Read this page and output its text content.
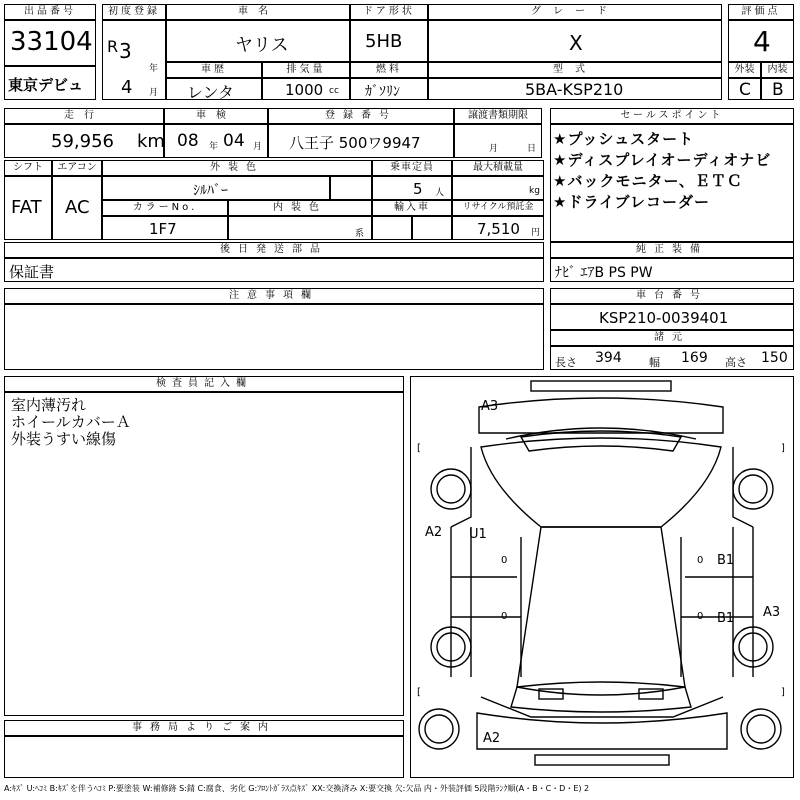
出品番号
33104
東京デビュ
初度登録
R 3
年
4 月
車名
ヤリス
車歴	排気量
レンタ	1000 cc
ドア形状
5HB
燃料
ｶﾞｿﾘﾝ
グレード
X
型式
5BA-KSP210
評価点
4
外装	内装
C B
走行
59,956 km
車検
08 年 04 月
登録番号
八王子 500ワ9947
譲渡書類期限
月	日
シフト
FAT
エアコン
AC
外装色
ｼﾙﾊﾞｰ
乗車定員
5 人
最大積載量
kg
カラーNo.
1F7
内装色
系
輸入車	リサイクル預託金
7,510 円
後日発送部品
保証書
セールスポイント
★プッシュスタート
★ディスプレイオーディオナビ
★バックモニター、ＥＴＣ
★ドライブレコーダー
純正装備
ﾅﾋﾞ ｴｱB PS PW
注意事項欄	車台番号
KSP210-0039401
諸元
長さ 394 幅 169 高さ 150
検査員記入欄
室内薄汚れ
ホイールカバーＡ
外装うすい線傷
事務局よりご案内
A3
A2 U1
B1
B1 A3
A2
0	0
0	0
[	]
[	]
A:ｷｽﾞ U:ﾍｺﾐ B:ｷｽﾞを伴うﾍｺﾐ P:要塗装 W:補修跡 S:錆 C:腐食、劣化 G:ﾌﾛﾝﾄｶﾞﾗｽ点ｷｽﾞ XX:交換済み X:要交換 欠:欠品 内・外装評価 5段階ﾗﾝｸ順(A・B・C・D・E) 2
